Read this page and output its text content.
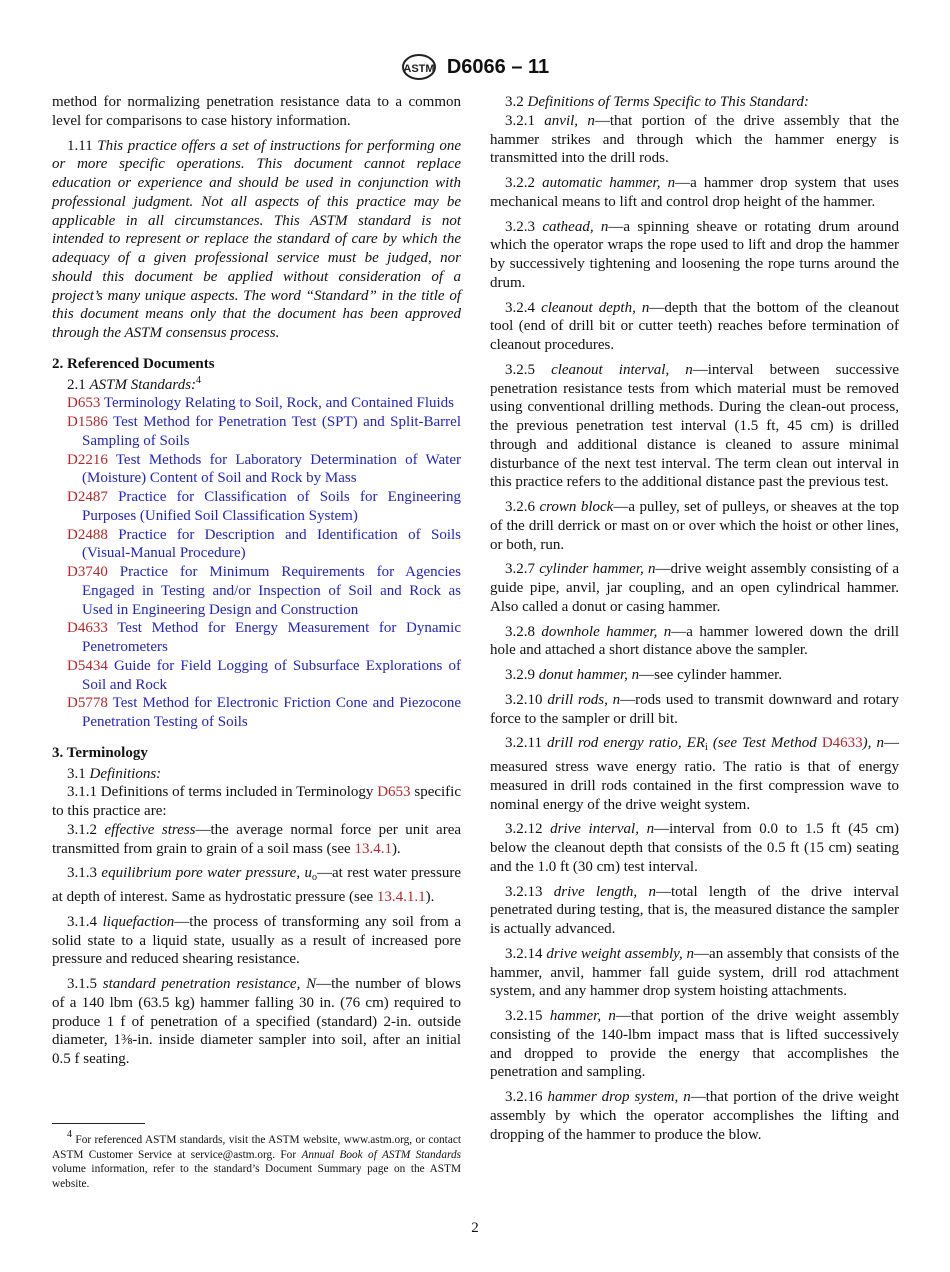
ASTM D6066 – 11
method for normalizing penetration resistance data to a common level for comparisons to case history information.
1.11 This practice offers a set of instructions for performing one or more specific operations. This document cannot replace education or experience and should be used in conjunction with professional judgment. Not all aspects of this practice may be applicable in all circumstances. This ASTM standard is not intended to represent or replace the standard of care by which the adequacy of a given professional service must be judged, nor should this document be applied without consideration of a project’s many unique aspects. The word “Standard” in the title of this document means only that the document has been approved through the ASTM consensus process.
2. Referenced Documents
2.1 ASTM Standards:$^4$
D653 Terminology Relating to Soil, Rock, and Contained Fluids
D1586 Test Method for Penetration Test (SPT) and Split-Barrel Sampling of Soils
D2216 Test Methods for Laboratory Determination of Water (Moisture) Content of Soil and Rock by Mass
D2487 Practice for Classification of Soils for Engineering Purposes (Unified Soil Classification System)
D2488 Practice for Description and Identification of Soils (Visual-Manual Procedure)
D3740 Practice for Minimum Requirements for Agencies Engaged in Testing and/or Inspection of Soil and Rock as Used in Engineering Design and Construction
D4633 Test Method for Energy Measurement for Dynamic Penetrometers
D5434 Guide for Field Logging of Subsurface Explorations of Soil and Rock
D5778 Test Method for Electronic Friction Cone and Piezocone Penetration Testing of Soils
3. Terminology
3.1 Definitions:
3.1.1 Definitions of terms included in Terminology D653 specific to this practice are:
3.1.2 effective stress—the average normal force per unit area transmitted from grain to grain of a soil mass (see 13.4.1).
3.1.3 equilibrium pore water pressure, $u_o—at$ rest water pressure at depth of interest. Same as hydrostatic pressure (see 13.4.1.1).
3.1.4 liquefaction—the process of transforming any soil from a solid state to a liquid state, usually as a result of increased pore pressure and reduced shearing resistance.
3.1.5 standard penetration resistance, N—the number of blows of a 140 lbm (63.5 kg) hammer falling 30 in. (76 cm) required to produce 1 f of penetration of a specified (standard) 2-in. outside diameter, 1⅜-in. inside diameter sampler into soil, after an initial 0.5 f seating.
3.2 Definitions of Terms Specific to This Standard:
3.2.1 anvil, n—that portion of the drive assembly that the hammer strikes and through which the hammer energy is transmitted into the drill rods.
3.2.2 automatic hammer, n—a hammer drop system that uses mechanical means to lift and control drop height of the hammer.
3.2.3 cathead, n—a spinning sheave or rotating drum around which the operator wraps the rope used to lift and drop the hammer by successively tightening and loosening the rope turns around the drum.
3.2.4 cleanout depth, n—depth that the bottom of the cleanout tool (end of drill bit or cutter teeth) reaches before termination of cleanout procedures.
3.2.5 cleanout interval, n—interval between successive penetration resistance tests from which material must be removed using conventional drilling methods. During the clean-out process, the previous penetration test interval (1.5 ft, 45 cm) is drilled through and additional distance is cleaned to assure minimal disturbance of the next test interval. The term clean out interval in this practice refers to the additional distance past the previous test.
3.2.6 crown block—a pulley, set of pulleys, or sheaves at the top of the drill derrick or mast on or over which the hoist or other lines, or both, run.
3.2.7 cylinder hammer, n—drive weight assembly consisting of a guide pipe, anvil, jar coupling, and an open cylindrical hammer. Also called a donut or casing hammer.
3.2.8 downhole hammer, n—a hammer lowered down the drill hole and attached a short distance above the sampler.
3.2.9 donut hammer, n—see cylinder hammer.
3.2.10 drill rods, n—rods used to transmit downward and rotary force to the sampler or drill bit.
3.2.11 drill rod energy ratio, $ER_i$ (see Test Method D4633), n—measured stress wave energy ratio. The ratio is that of energy measured in drill rods contained in the first compression wave to nominal energy of the drive weight system.
3.2.12 drive interval, n—interval from 0.0 to 1.5 ft (45 cm) below the cleanout depth that consists of the 0.5 ft (15 cm) seating and the 1.0 ft (30 cm) test interval.
3.2.13 drive length, n—total length of the drive interval penetrated during testing, that is, the measured distance the sampler is actually advanced.
3.2.14 drive weight assembly, n—an assembly that consists of the hammer, anvil, hammer fall guide system, drill rod attachment system, and any hammer drop system hoisting attachments.
3.2.15 hammer, n—that portion of the drive weight assembly consisting of the 140-lbm impact mass that is lifted successively and dropped to provide the energy that accomplishes the penetration and sampling.
3.2.16 hammer drop system, n—that portion of the drive weight assembly by which the operator accomplishes the lifting and dropping of the hammer to produce the blow.
4 For referenced ASTM standards, visit the ASTM website, www.astm.org, or contact ASTM Customer Service at service@astm.org. For Annual Book of ASTM Standards volume information, refer to the standard’s Document Summary page on the ASTM website.
2
